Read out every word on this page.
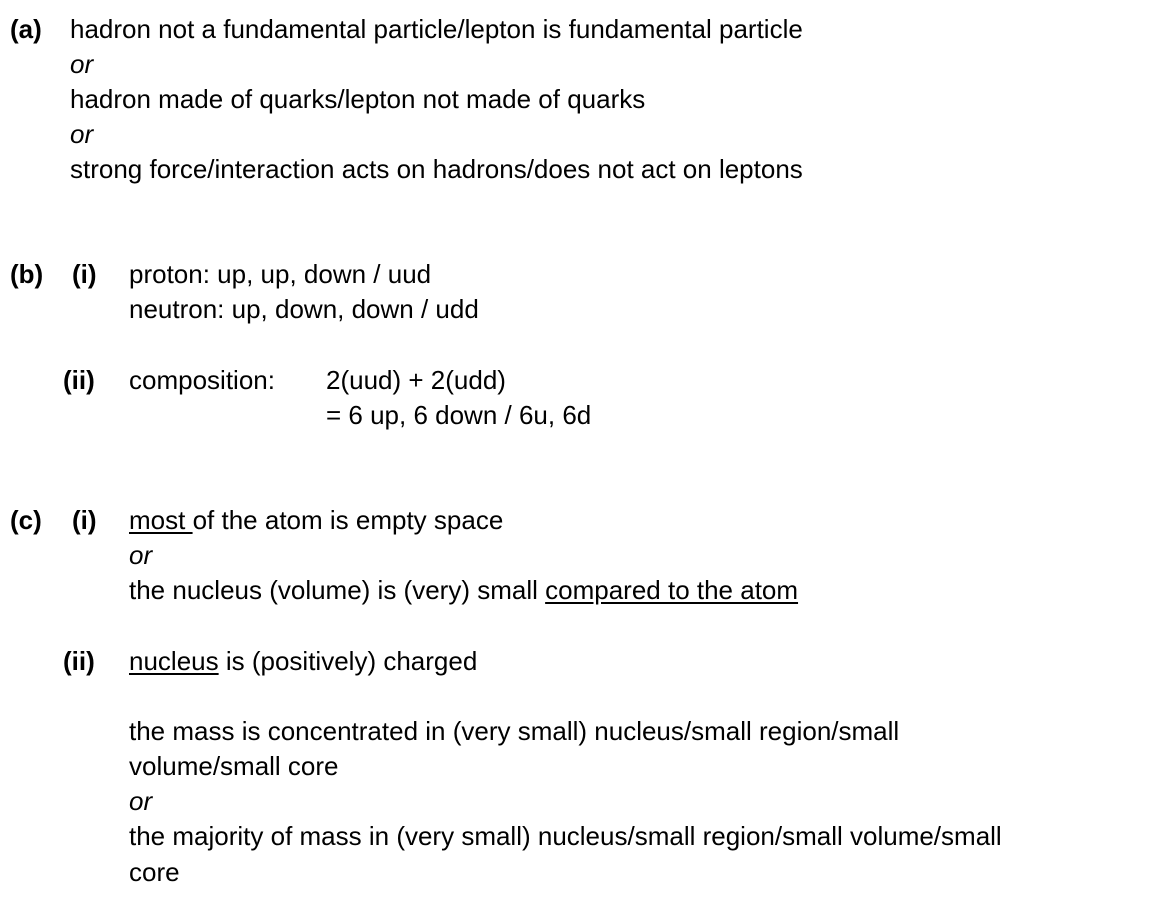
(a) hadron not a fundamental particle/lepton is fundamental particle
or
hadron made of quarks/lepton not made of quarks
or
strong force/interaction acts on hadrons/does not act on leptons
(b) (i) proton: up, up, down / uud
neutron: up, down, down / udd
(ii) composition: 2(uud) + 2(udd)
= 6 up, 6 down / 6u, 6d
(c) (i) most of the atom is empty space
or
the nucleus (volume) is (very) small compared to the atom
(ii) nucleus is (positively) charged
the mass is concentrated in (very small) nucleus/small region/small
volume/small core
or
the majority of mass in (very small) nucleus/small region/small volume/small
core
